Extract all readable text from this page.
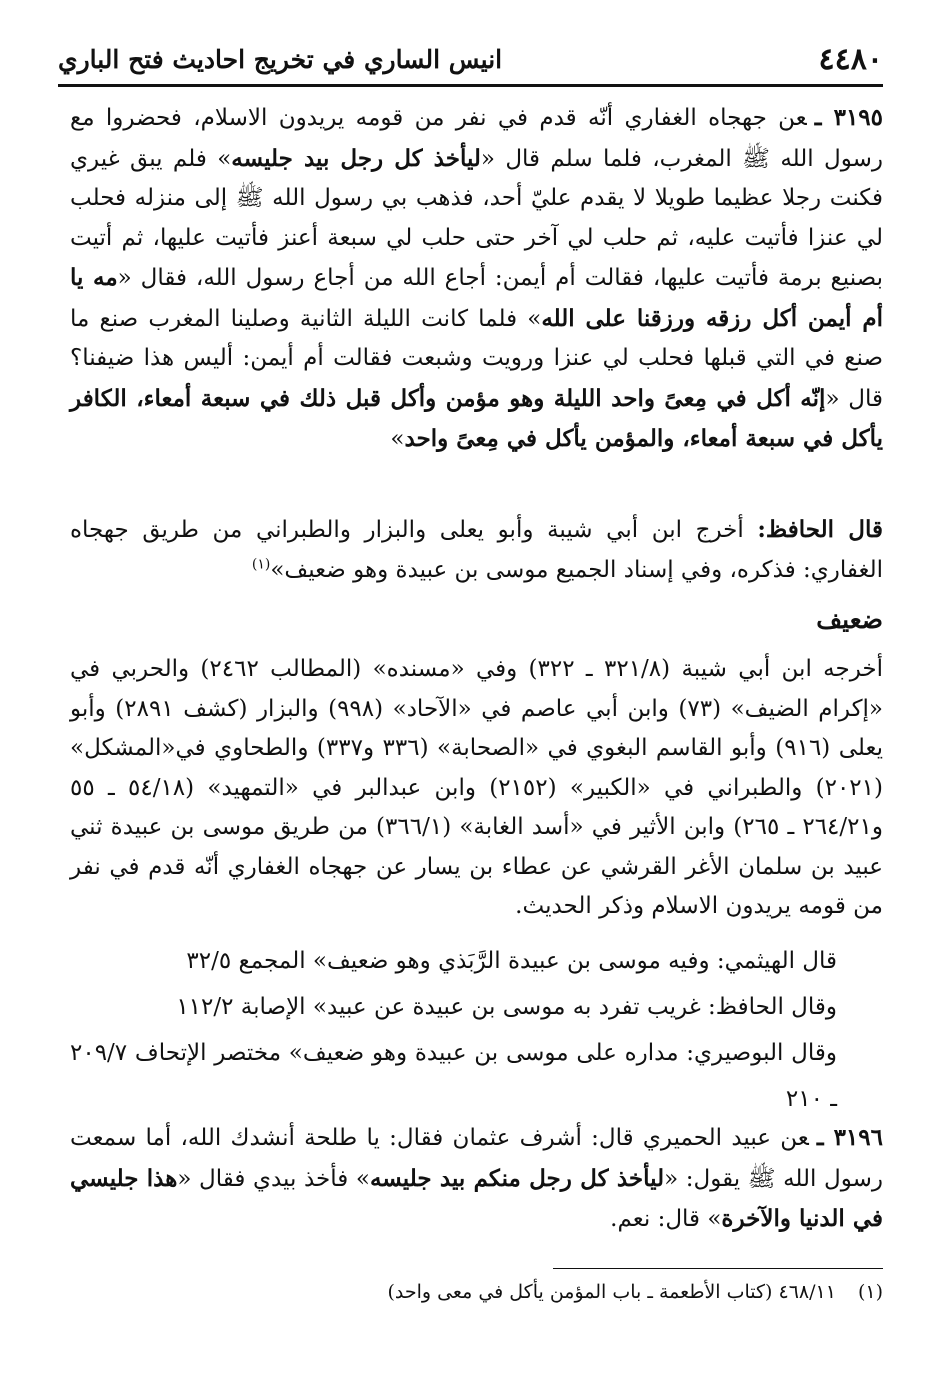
٤٤٨٠
انيس الساري في تخريج احاديث فتح الباري

٣١٩٥ ـعن جهجاه الغفاري أنّه قدم في نفر من قومه يريدون الاسلام، فحضروا مع رسول الله ﷺ المغرب، فلما سلم قال «ليأخذ كل رجل بيد جليسه» فلم يبق غيري فكنت رجلا عظيما طويلا لا يقدم عليّ أحد، فذهب بي رسول الله ﷺ إلى منزله فحلب لي عنزا فأتيت عليه، ثم حلب لي آخر حتى حلب لي سبعة أعنز فأتيت عليها، ثم أتيت بصنيع برمة فأتيت عليها، فقالت أم أيمن: أجاع الله من أجاع رسول الله، فقال «مه يا أم أيمن أكل رزقه ورزقنا على الله» فلما كانت الليلة الثانية وصلينا المغرب صنع ما صنع في التي قبلها فحلب لي عنزا ورويت وشبعت فقالت أم أيمن: أليس هذا ضيفنا؟ قال «إنّه أكل في مِعىً واحد الليلة وهو مؤمن وأكل قبل ذلك في سبعة أمعاء، الكافر يأكل في سبعة أمعاء، والمؤمن يأكل في مِعىً واحد»

قال الحافظ: أخرج ابن أبي شيبة وأبو يعلى والبزار والطبراني من طريق جهجاه الغفاري: فذكره، وفي إسناد الجميع موسى بن عبيدة وهو ضعيف»$^{(١)}$

ضعيف

أخرجه ابن أبي شيبة (٣٢١/٨ ـ ٣٢٢) وفي «مسنده» (المطالب ٢٤٦٢) والحربي في «إكرام الضيف» (٧٣) وابن أبي عاصم في «الآحاد» (٩٩٨) والبزار (كشف ٢٨٩١) وأبو يعلى (٩١٦) وأبو القاسم البغوي في «الصحابة» (٣٣٦ و٣٣٧) والطحاوي في«المشكل» (٢٠٢١) والطبراني في «الكبير» (٢١٥٢) وابن عبدالبر في «التمهيد» (٥٤/١٨ ـ ٥٥ و٢٦٤/٢١ ـ ٢٦٥) وابن الأثير في «أسد الغابة» (٣٦٦/١) من طريق موسى بن عبيدة ثني عبيد بن سلمان الأغر القرشي عن عطاء بن يسار عن جهجاه الغفاري أنّه قدم في نفر من قومه يريدون الاسلام وذكر الحديث.

قال الهيثمي: وفيه موسى بن عبيدة الرَّبَذي وهو ضعيف» المجمع ٣٢/٥

وقال الحافظ: غريب تفرد به موسى بن عبيدة عن عبيد» الإصابة ١١٢/٢

وقال البوصيري: مداره على موسى بن عبيدة وهو ضعيف» مختصر الإتحاف ٢٠٩/٧ ـ ٢١٠

٣١٩٦ ـعن عبيد الحميري قال: أشرف عثمان فقال: يا طلحة أنشدك الله، أما سمعت رسول الله ﷺ يقول: «ليأخذ كل رجل منكم بيد جليسه» فأخذ بيدي فقال «هذا جليسي في الدنيا والآخرة» قال: نعم.

(١)٤٦٨/١١ (كتاب الأطعمة ـ باب المؤمن يأكل في معى واحد)
